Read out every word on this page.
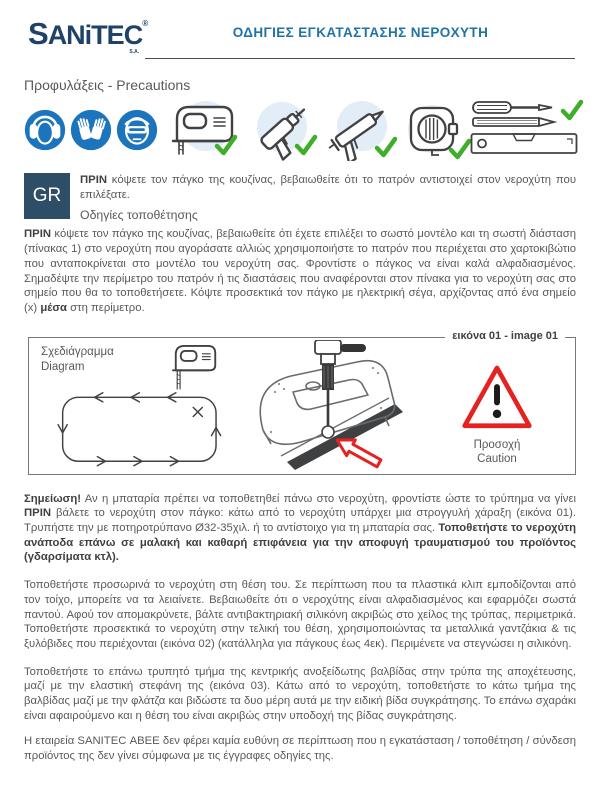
SANiTEC®
S.A.
ΟΔΗΓΙΕΣ ΕΓΚΑΤΑΣΤΑΣΗΣ ΝΕΡΟΧΥΤΗ
Προφυλάξεις - Precautions
GR

ΠΡΙΝ κόψετε τον πάγκο της κουζίνας, βεβαιωθείτε ότι το πατρόν αντιστοιχεί στον νεροχύτη που επιλέξατε.

Οδηγίες τοποθέτησης

ΠΡΙΝ κόψετε τον πάγκο της κουζίνας, βεβαιωθείτε ότι έχετε επιλέξει το σωστό μοντέλο και τη σωστή διάσταση (πίνακας 1) στο νεροχύτη που αγοράσατε αλλιώς χρησιμοποιήστε το πατρόν που περιέχεται στο χαρτοκιβώτιο που ανταποκρίνεται στο μοντέλο του νεροχύτη σας. Φροντίστε ο πάγκος να είναι καλά αλφαδιασμένος. Σημαδέψτε την περίμετρο του πατρόν ή τις διαστάσεις που αναφέρονται στον πίνακα για το νεροχύτη σας στο σημείο που θα το τοποθετήσετε. Κόψτε προσεκτικά τον πάγκο με ηλεκτρική σέγα, αρχίζοντας από ένα σημείο (x) μέσα στη περίμετρο.

εικόνα 01 - image 01
Σχεδιάγραμμα
Diagram
Προσοχή
Caution

Σημείωση! Αν η μπαταρία πρέπει να τοποθετηθεί πάνω στο νεροχύτη, φροντίστε ώστε το τρύπημα να γίνει ΠΡΙΝ βάλετε το νεροχύτη στον πάγκο: κάτω από το νεροχύτη υπάρχει μια στρογγυλή χάραξη (εικόνα 01). Τρυπήστε την με ποτηροτρύπανο Ø32-35χιλ. ή το αντίστοιχο για τη μπαταρία σας. Τοποθετήστε το νεροχύτη ανάποδα επάνω σε μαλακή και καθαρή επιφάνεια για την αποφυγή τραυματισμού του προϊόντος (γδαρσίματα κτλ).

Τοποθετήστε προσωρινά το νεροχύτη στη θέση του. Σε περίπτωση που τα πλαστικά κλιπ εμποδίζονται από τον τοίχο, μπορείτε να τα λειαίνετε. Βεβαιωθείτε ότι ο νεροχύτης είναι αλφαδιασμένος και εφαρμόζει σωστά παντού. Αφού τον απομακρύνετε, βάλτε αντιβακτηριακή σιλικόνη ακριβώς στο χείλος της τρύπας, περιμετρικά. Τοποθετήστε προσεκτικά το νεροχύτη στην τελική του θέση, χρησιμοποιώντας τα μεταλλικά γαντζάκια & τις ξυλόβιδες που περιέχονται (εικόνα 02) (κατάλληλα για πάγκους έως 4εκ). Περιμένετε να στεγνώσει η σιλικόνη.

Τοποθετήστε το επάνω τρυπητό τμήμα της κεντρικής ανοξείδωτης βαλβίδας στην τρύπα της αποχέτευσης, μαζί με την ελαστική στεφάνη της (εικόνα 03). Κάτω από το νεροχύτη, τοποθετήστε το κάτω τμήμα της βαλβίδας μαζί με την φλάτζα και βιδώστε τα δυο μέρη αυτά με την ειδική βίδα συγκράτησης. Το επάνω σχαράκι είναι αφαιρούμενο και η θέση του είναι ακριβώς στην υποδοχή της βίδας συγκράτησης.

Η εταιρεία SANITEC ΑΒΕΕ δεν φέρει καμία ευθύνη σε περίπτωση που η εγκατάσταση / τοποθέτηση / σύνδεση προϊόντος της δεν γίνει σύμφωνα με τις έγγραφες οδηγίες της.
